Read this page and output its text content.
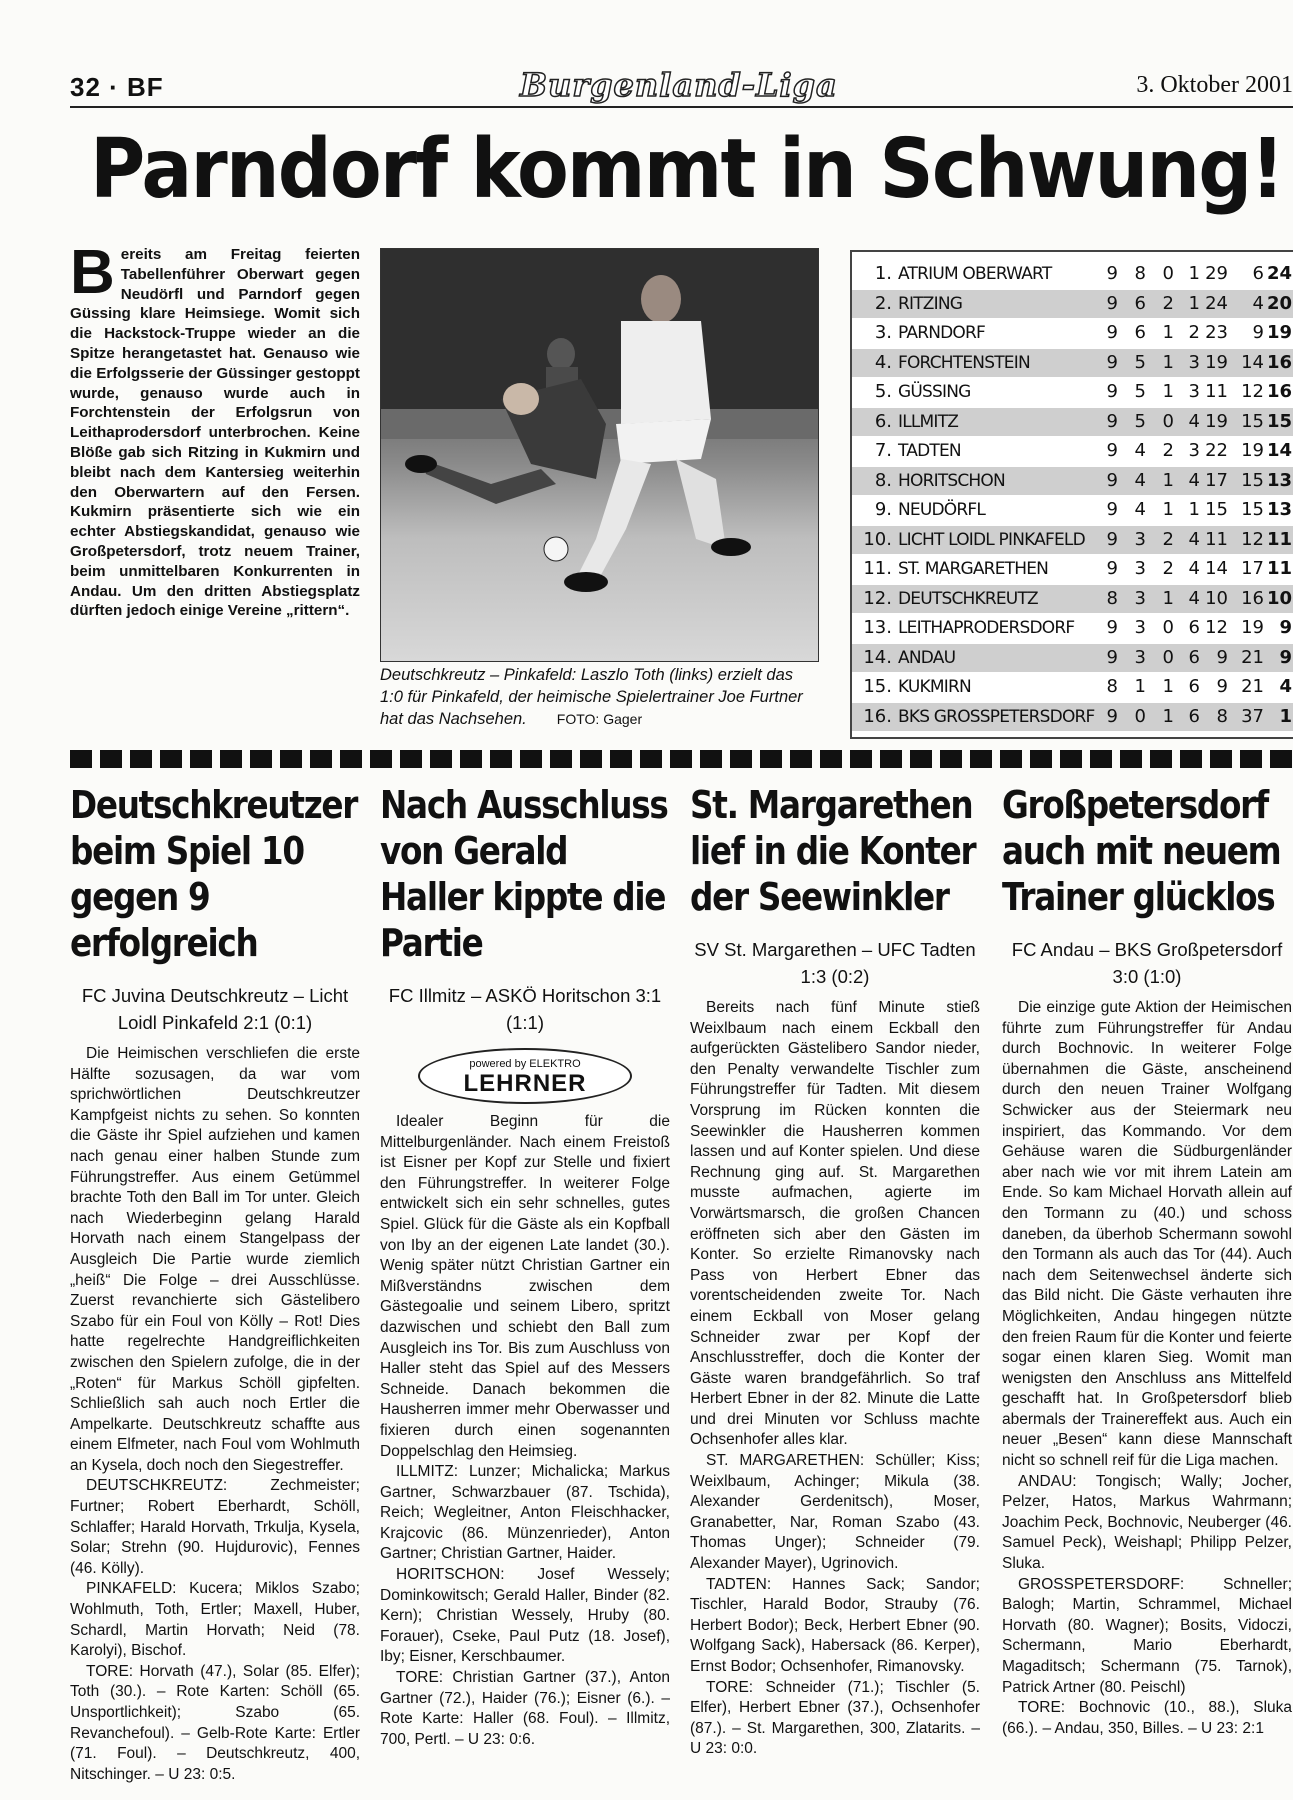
32 · BF	Burgenland-Liga	3. Oktober 2001
Parndorf kommt in Schwung!
Bereits am Freitag feierten Tabellenführer Oberwart gegen Neudörfl und Parndorf gegen Güssing klare Heimsiege. Womit sich die Hackstock-Truppe wieder an die Spitze herangetastet hat. Genauso wie die Erfolgsserie der Güssinger gestoppt wurde, genauso wurde auch in Forchtenstein der Erfolgsrun von Leithaprodersdorf unterbrochen. Keine Blöße gab sich Ritzing in Kukmirn und bleibt nach dem Kantersieg weiterhin den Oberwartern auf den Fersen. Kukmirn präsentierte sich wie ein echter Abstiegskandidat, genauso wie Großpetersdorf, trotz neuem Trainer, beim unmittelbaren Konkurrenten in Andau. Um den dritten Abstiegsplatz dürften jedoch einige Vereine „rittern“.
Deutschkreutz – Pinkafeld: Laszlo Toth (links) erzielt das 1:0 für Pinkafeld, der heimische Spielertrainer Joe Furtner hat das Nachsehen. FOTO: Gager
1. ATRIUM OBERWART	9 8 0 1 29	6 24
2. RITZING	9 6 2 1 24	4 20
3. PARNDORF	9 6 1 2 23	9 19
4. FORCHTENSTEIN	9 5 1 3 19 14 16
5. GÜSSING	9 5 1 3 11 12 16
6. ILLMITZ	9 5 0 4 19 15 15
7. TADTEN	9 4 2 3 22 19 14
8. HORITSCHON	9 4 1 4 17 15 13
9. NEUDÖRFL	9 4 1 1 15 15 13
10. LICHT LOIDL PINKAFELD	9 3 2 4 11 12 11
11. ST. MARGARETHEN	9 3 2 4 14 17 11
12. DEUTSCHKREUTZ	8 3 1 4 10 16 10
13. LEITHAPRODERSDORF	9 3 0 6 12 19 9
14. ANDAU	9 3 0 6 9 21 9
15. KUKMIRN	8 1 1 6 9 21 4
16. BKS GROSSPETERSDORF 9 0 1 6 8 37 1
Deutschkreutzer beim Spiel 10 gegen 9 erfolgreich
FC Juvina Deutschkreutz – Licht Loidl Pinkafeld 2:1 (0:1)

Die Heimischen verschliefen die erste Hälfte sozusagen, da war vom sprichwörtlichen Deutschkreutzer Kampfgeist nichts zu sehen. So konnten die Gäste ihr Spiel aufziehen und kamen nach genau einer halben Stunde zum Führungstreffer. Aus einem Getümmel brachte Toth den Ball im Tor unter. Gleich nach Wiederbeginn gelang Harald Horvath nach einem Stangelpass der Ausgleich Die Partie wurde ziemlich „heiß“ Die Folge – drei Ausschlüsse. Zuerst revanchierte sich Gästelibero Szabo für ein Foul von Kölly – Rot! Dies hatte regelrechte Handgreiflichkeiten zwischen den Spielern zufolge, die in der „Roten“ für Markus Schöll gipfelten. Schließlich sah auch noch Ertler die Ampelkarte. Deutschkreutz schaffte aus einem Elfmeter, nach Foul vom Wohlmuth an Kysela, doch noch den Siegestreffer.

DEUTSCHKREUTZ: Zechmeister; Furtner; Robert Eberhardt, Schöll, Schlaffer; Harald Horvath, Trkulja, Kysela, Solar; Strehn (90. Hujdurovic), Fennes (46. Kölly).

PINKAFELD: Kucera; Miklos Szabo; Wohlmuth, Toth, Ertler; Maxell, Huber, Schardl, Martin Horvath; Neid (78. Karolyi), Bischof.

TORE: Horvath (47.), Solar (85. Elfer); Toth (30.). – Rote Karten: Schöll (65. Unsportlichkeit); Szabo (65. Revanchefoul). – Gelb-Rote Karte: Ertler (71. Foul). – Deutschkreutz, 400, Nitschinger. – U 23: 0:5.

Nach Ausschluss von Gerald Haller kippte die Partie
FC Illmitz – ASKÖ Horitschon 3:1 (1:1)
powered by ELEKTRO
LEHRNER

Idealer Beginn für die Mittelburgenländer. Nach einem Freistoß ist Eisner per Kopf zur Stelle und fixiert den Führungstreffer. In weiterer Folge entwickelt sich ein sehr schnelles, gutes Spiel. Glück für die Gäste als ein Kopfball von Iby an der eigenen Late landet (30.). Wenig später nützt Christian Gartner ein Mißverständns zwischen dem Gästegoalie und seinem Libero, spritzt dazwischen und schiebt den Ball zum Ausgleich ins Tor. Bis zum Auschluss von Haller steht das Spiel auf des Messers Schneide. Danach bekommen die Hausherren immer mehr Oberwasser und fixieren durch einen sogenannten Doppelschlag den Heimsieg.

ILLMITZ: Lunzer; Michalicka; Markus Gartner, Schwarzbauer (87. Tschida), Reich; Wegleitner, Anton Fleischhacker, Krajcovic (86. Münzenrieder), Anton Gartner; Christian Gartner, Haider.

HORITSCHON: Josef Wessely; Dominkowitsch; Gerald Haller, Binder (82. Kern); Christian Wessely, Hruby (80. Forauer), Cseke, Paul Putz (18. Josef), Iby; Eisner, Kerschbaumer.

TORE: Christian Gartner (37.), Anton Gartner (72.), Haider (76.); Eisner (6.). – Rote Karte: Haller (68. Foul). – Illmitz, 700, Pertl. – U 23: 0:6.

St. Margarethen lief in die Konter der Seewinkler
SV St. Margarethen – UFC Tadten 1:3 (0:2)

Bereits nach fünf Minute stieß Weixlbaum nach einem Eckball den aufgerückten Gästelibero Sandor nieder, den Penalty verwandelte Tischler zum Führungstreffer für Tadten. Mit diesem Vorsprung im Rücken konnten die Seewinkler die Hausherren kommen lassen und auf Konter spielen. Und diese Rechnung ging auf. St. Margarethen musste aufmachen, agierte im Vorwärtsmarsch, die großen Chancen eröffneten sich aber den Gästen im Konter. So erzielte Rimanovsky nach Pass von Herbert Ebner das vorentscheidenden zweite Tor. Nach einem Eckball von Moser gelang Schneider zwar per Kopf der Anschlusstreffer, doch die Konter der Gäste waren brandgefährlich. So traf Herbert Ebner in der 82. Minute die Latte und drei Minuten vor Schluss machte Ochsenhofer alles klar.

ST. MARGARETHEN: Schüller; Kiss; Weixlbaum, Achinger; Mikula (38. Alexander Gerdenitsch), Moser, Granabetter, Nar, Roman Szabo (43. Thomas Unger); Schneider (79. Alexander Mayer), Ugrinovich.

TADTEN: Hannes Sack; Sandor; Tischler, Harald Bodor, Strauby (76. Herbert Bodor); Beck, Herbert Ebner (90. Wolfgang Sack), Habersack (86. Kerper), Ernst Bodor; Ochsenhofer, Rimanovsky.

TORE: Schneider (71.); Tischler (5. Elfer), Herbert Ebner (37.), Ochsenhofer (87.). – St. Margarethen, 300, Zlatarits. – U 23: 0:0.

Großpetersdorf auch mit neuem Trainer glücklos
FC Andau – BKS Großpetersdorf 3:0 (1:0)

Die einzige gute Aktion der Heimischen führte zum Führungstreffer für Andau durch Bochnovic. In weiterer Folge übernahmen die Gäste, anscheinend durch den neuen Trainer Wolfgang Schwicker aus der Steiermark neu inspiriert, das Kommando. Vor dem Gehäuse waren die Südburgenländer aber nach wie vor mit ihrem Latein am Ende. So kam Michael Horvath allein auf den Tormann zu (40.) und schoss daneben, da überhob Schermann sowohl den Tormann als auch das Tor (44). Auch nach dem Seitenwechsel änderte sich das Bild nicht. Die Gäste verhauten ihre Möglichkeiten, Andau hingegen nützte den freien Raum für die Konter und feierte sogar einen klaren Sieg. Womit man wenigsten den Anschluss ans Mittelfeld geschafft hat. In Großpetersdorf blieb abermals der Trainereffekt aus. Auch ein neuer „Besen“ kann diese Mannschaft nicht so schnell reif für die Liga machen.

ANDAU: Tongisch; Wally; Jocher, Pelzer, Hatos, Markus Wahrmann; Joachim Peck, Bochnovic, Neuberger (46. Samuel Peck), Weishapl; Philipp Pelzer, Sluka.

GROSSPETERSDORF: Schneller; Balogh; Martin, Schrammel, Michael Horvath (80. Wagner); Bosits, Vidoczi, Schermann, Mario Eberhardt, Magaditsch; Schermann (75. Tarnok), Patrick Artner (80. Peischl)

TORE: Bochnovic (10., 88.), Sluka (66.). – Andau, 350, Billes. – U 23: 2:1
